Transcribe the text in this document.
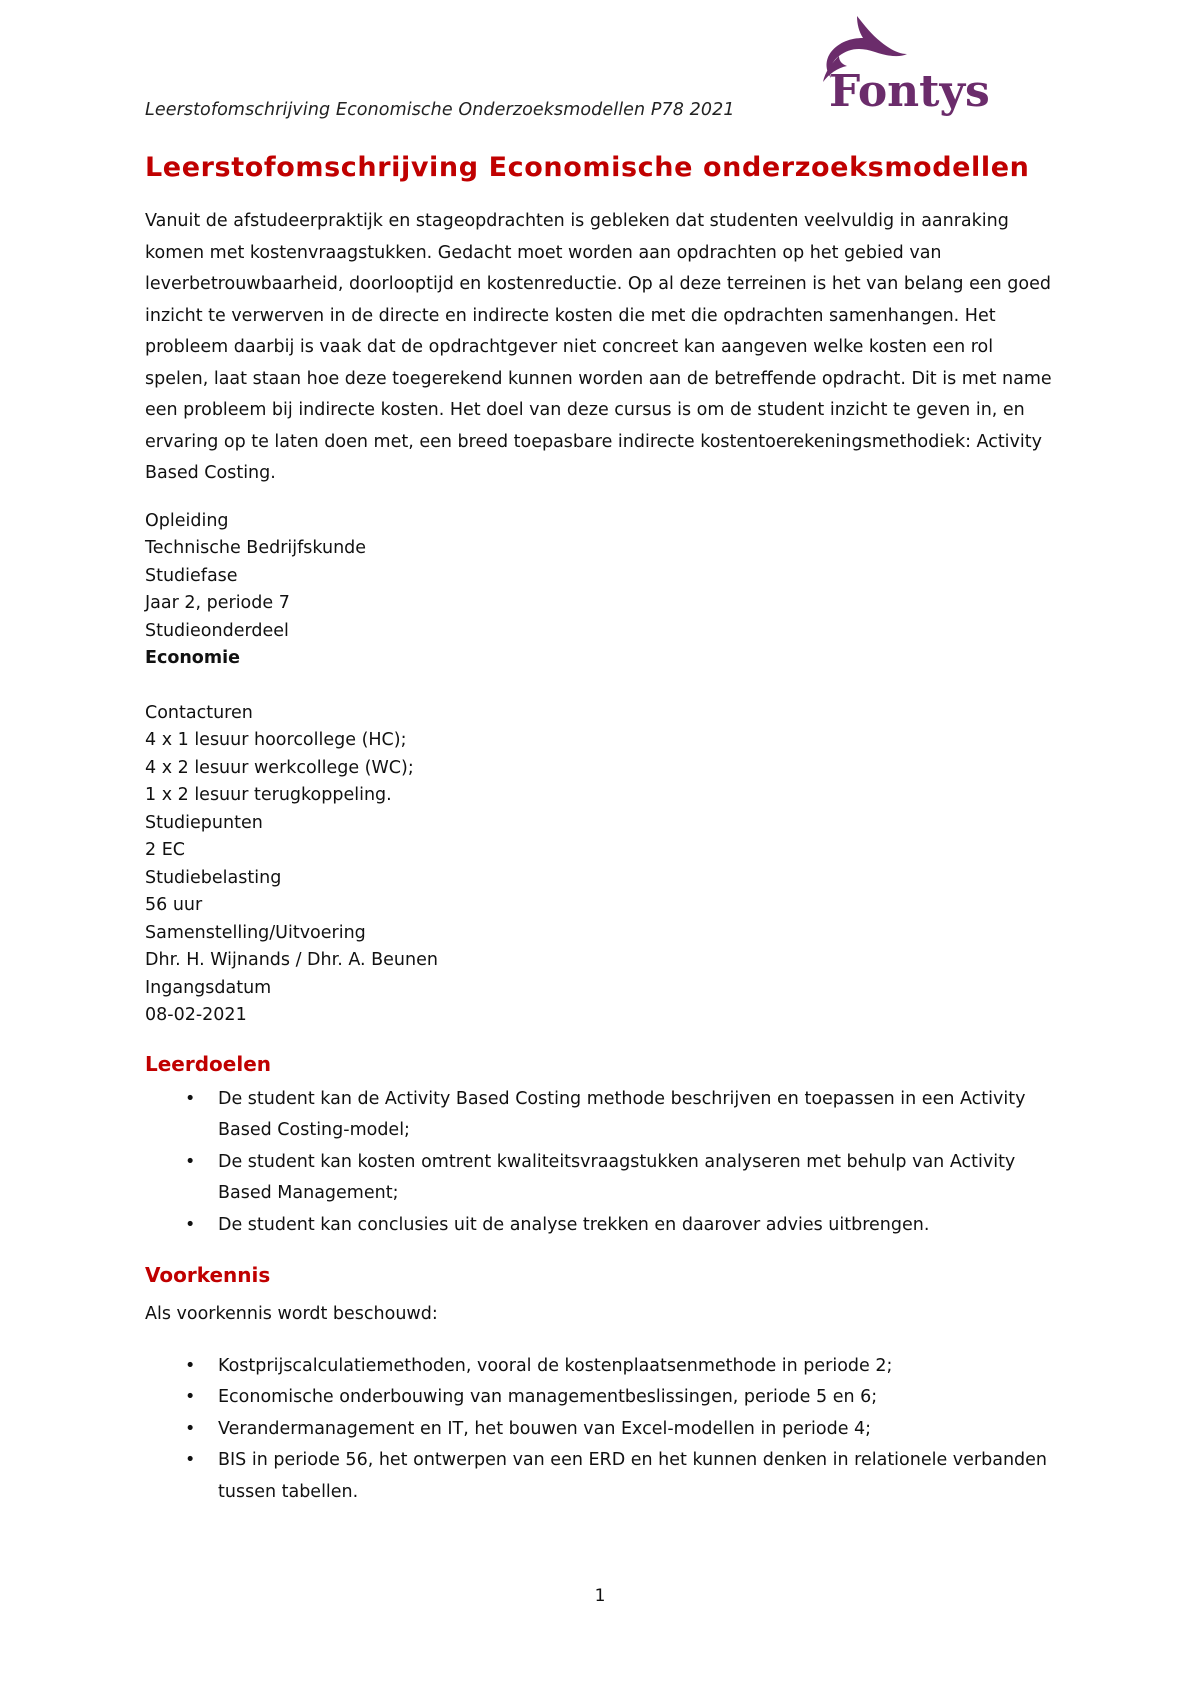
Leerstofomschrijving Economische Onderzoeksmodellen P78 2021 Fontys
Leerstofomschrijving Economische onderzoeksmodellen

Vanuit de afstudeerpraktijk en stageopdrachten is gebleken dat studenten veelvuldig in aanraking komen met kostenvraagstukken. Gedacht moet worden aan opdrachten op het gebied van leverbetrouwbaarheid, doorlooptijd en kostenreductie. Op al deze terreinen is het van belang een goed inzicht te verwerven in de directe en indirecte kosten die met die opdrachten samenhangen. Het probleem daarbij is vaak dat de opdrachtgever niet concreet kan aangeven welke kosten een rol spelen, laat staan hoe deze toegerekend kunnen worden aan de betreffende opdracht. Dit is met name een probleem bij indirecte kosten. Het doel van deze cursus is om de student inzicht te geven in, en ervaring op te laten doen met, een breed toepasbare indirecte kostentoerekeningsmethodiek: Activity Based Costing.

Opleiding
Technische Bedrijfskunde
Studiefase
Jaar 2, periode 7
Studieonderdeel
Economie
Contacturen
4 x 1 lesuur hoorcollege (HC);
4 x 2 lesuur werkcollege (WC);
1 x 2 lesuur terugkoppeling.
Studiepunten
2 EC
Studiebelasting
56 uur
Samenstelling/Uitvoering
Dhr. H. Wijnands / Dhr. A. Beunen
Ingangsdatum
08-02-2021
Leerdoelen
• De student kan de Activity Based Costing methode beschrijven en toepassen in een Activity Based Costing-model;
• De student kan kosten omtrent kwaliteitsvraagstukken analyseren met behulp van Activity Based Management;
• De student kan conclusies uit de analyse trekken en daarover advies uitbrengen.
Voorkennis
Als voorkennis wordt beschouwd:
• Kostprijscalculatiemethoden, vooral de kostenplaatsenmethode in periode 2;
• Economische onderbouwing van managementbeslissingen, periode 5 en 6;
• Verandermanagement en IT, het bouwen van Excel-modellen in periode 4;
• BIS in periode 56, het ontwerpen van een ERD en het kunnen denken in relationele verbanden tussen tabellen.
1
